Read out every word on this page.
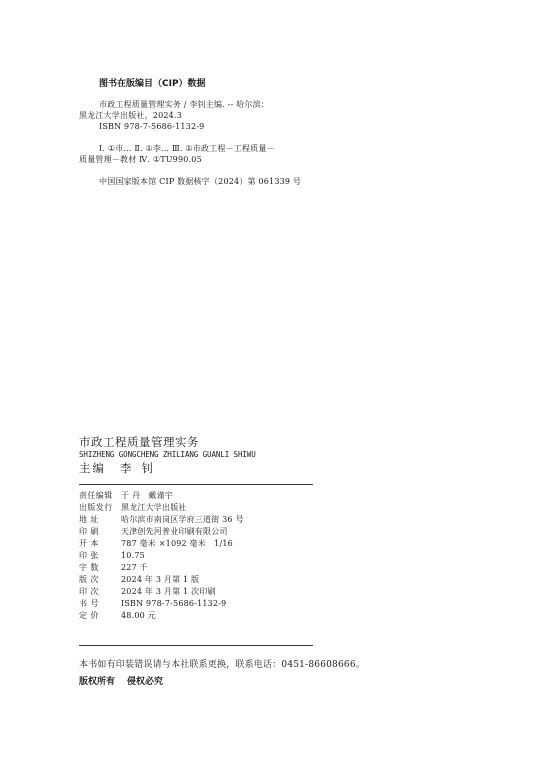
图书在版编目（CIP）数据
市政工程质量管理实务 / 李钊主编. -- 哈尔滨：
黑龙江大学出版社，2024.3
ISBN 978-7-5686-1132-9
Ⅰ. ①市… Ⅱ. ①李… Ⅲ. ①市政工程－工程质量－
质量管理－教材 Ⅳ. ①TU990.05
中国国家版本馆 CIP 数据核字（2024）第 061339 号
市政工程质量管理实务
SHIZHENG GONGCHENG ZHILIANG GUANLI SHIWU
主编 李钊
责任编辑	于 丹　戴谨宇
出版发行	黑龙江大学出版社
地 址	哈尔滨市南岗区学府三道街 36 号
印 刷	天津创先河普业印刷有限公司
开 本	787 毫米 ×1092 毫米　1/16
印 张	10.75
字 数	227 千
版 次	2024 年 3 月第 1 版
印 次	2024 年 3 月第 1 次印刷
书 号	ISBN 978-7-5686-1132-9
定 价	48.00 元
本书如有印装错误请与本社联系更换，联系电话：0451-86608666。
版权所有 侵权必究
